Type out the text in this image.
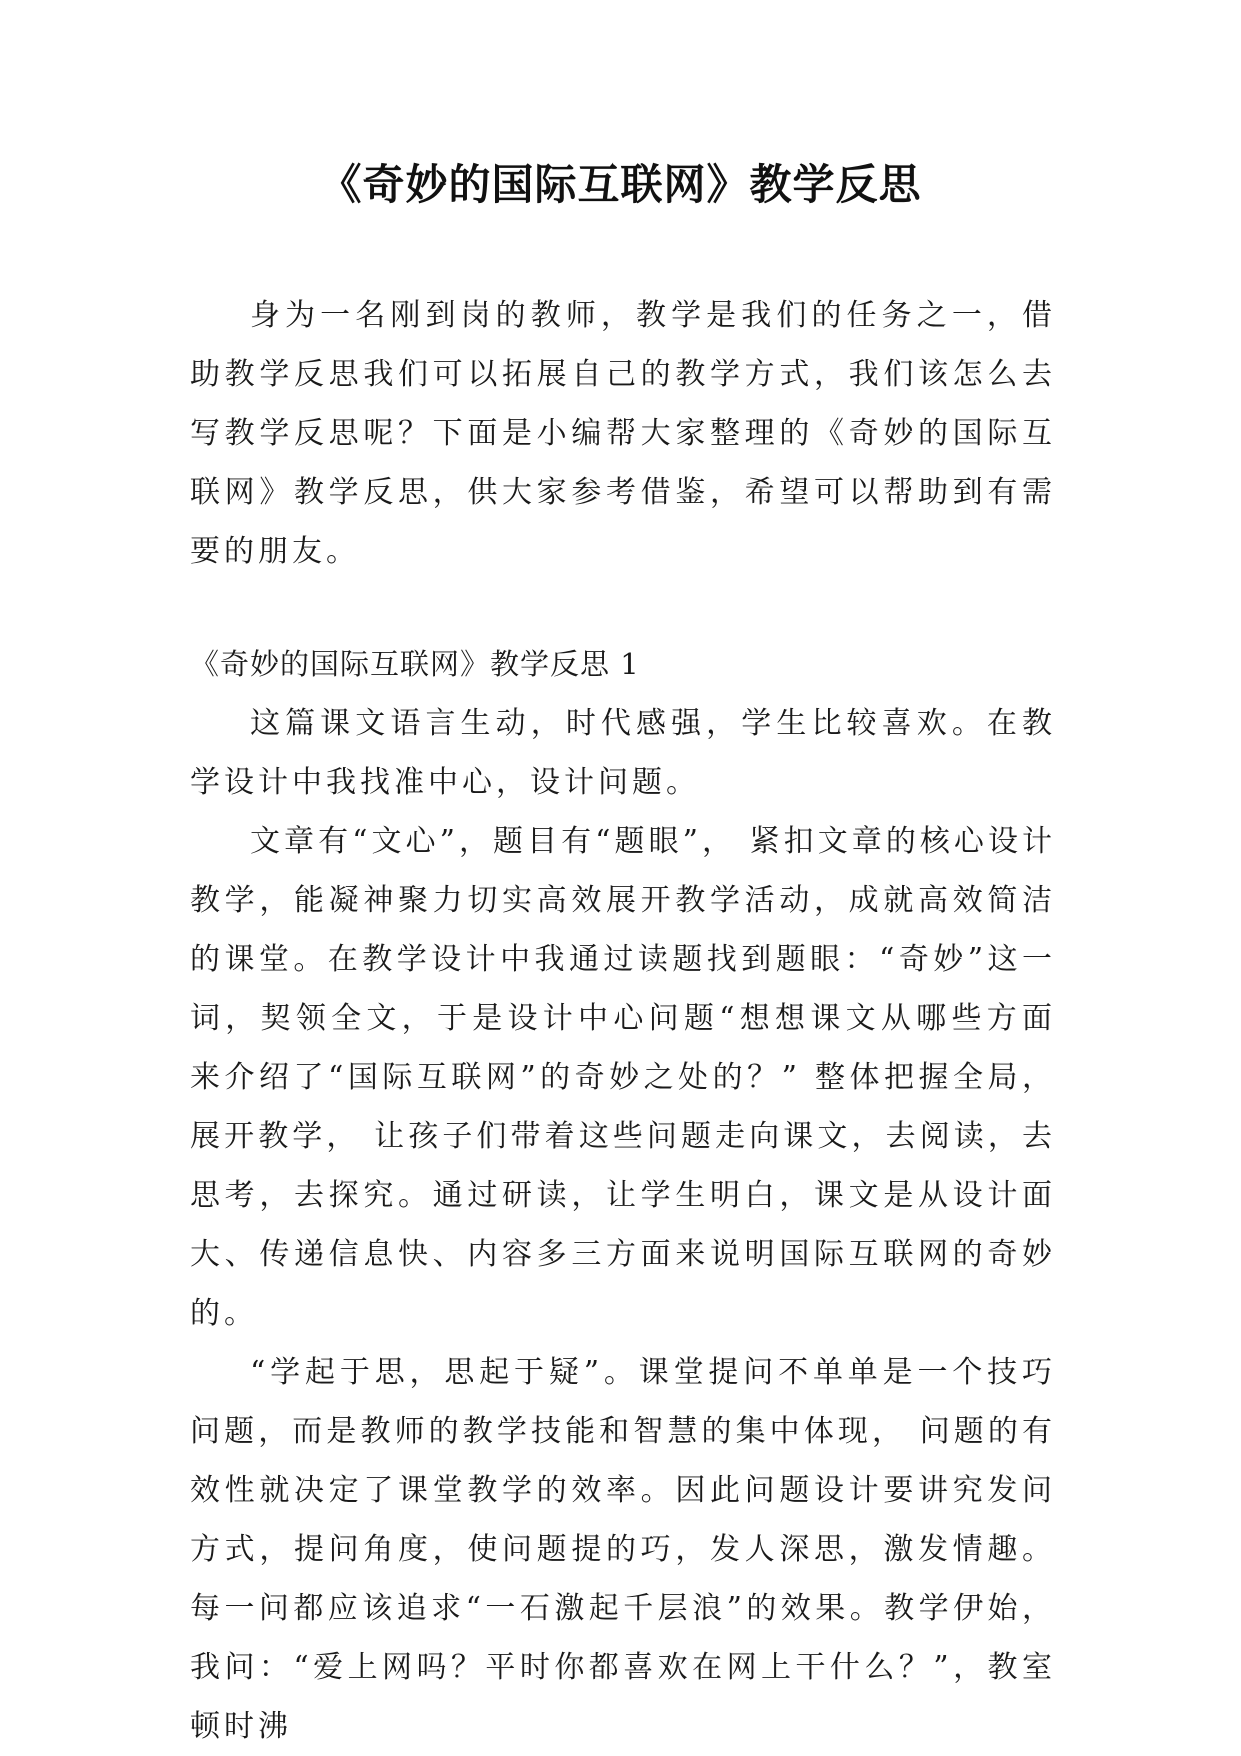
《奇妙的国际互联网》教学反思

身为一名刚到岗的教师，教学是我们的任务之一，借助教学反思我们可以拓展自己的教学方式，我们该怎么去写教学反思呢？下面是小编帮大家整理的《奇妙的国际互联网》教学反思，供大家参考借鉴，希望可以帮助到有需要的朋友。

《奇妙的国际互联网》教学反思 1

这篇课文语言生动，时代感强，学生比较喜欢。在教学设计中我找准中心，设计问题。

文章有“文心”，题目有“题眼”， 紧扣文章的核心设计教学，能凝神聚力切实高效展开教学活动，成就高效简洁的课堂。在教学设计中我通过读题找到题眼：“奇妙”这一词，契领全文，于是设计中心问题“想想课文从哪些方面来介绍了“国际互联网”的奇妙之处的？” 整体把握全局，展开教学， 让孩子们带着这些问题走向课文，去阅读，去思考，去探究。通过研读，让学生明白，课文是从设计面大、传递信息快、内容多三方面来说明国际互联网的奇妙的。

“学起于思，思起于疑”。课堂提问不单单是一个技巧问题，而是教师的教学技能和智慧的集中体现， 问题的有效性就决定了课堂教学的效率。因此问题设计要讲究发问方式，提问角度，使问题提的巧，发人深思，激发情趣。每一问都应该追求“一石激起千层浪”的效果。教学伊始，我问：“爱上网吗？平时你都喜欢在网上干什么？”，教室顿时沸
